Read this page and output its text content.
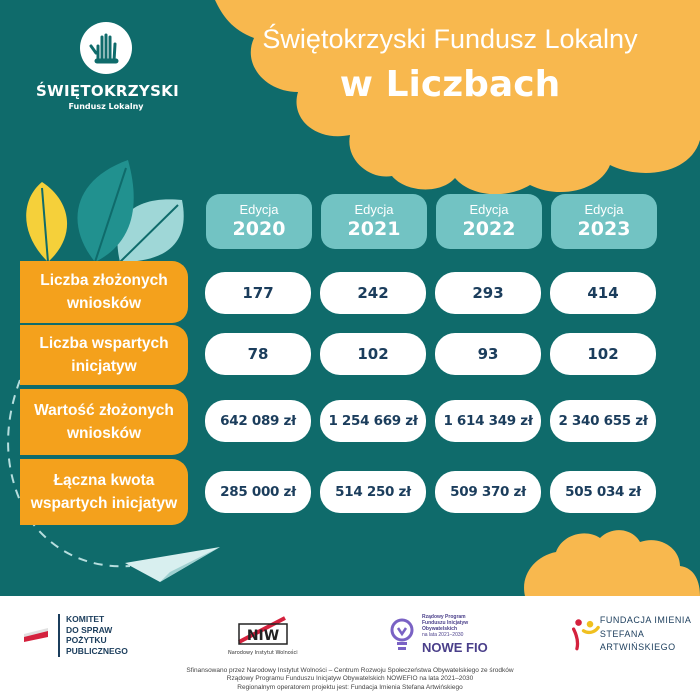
ŚWIĘTOKRZYSKI
Fundusz Lokalny
Świętokrzyski Fundusz Lokalny
w Liczbach
Edycja
2020
Edycja
2021
Edycja
2022
Edycja
2023
Liczba złożonych
wniosków
177	242	293	414
Liczba wspartych
inicjatyw
78	102	93	102
Wartość złożonych
wniosków
642 089 zł	1 254 669 zł	1 614 349 zł	2 340 655 zł
Łączna kwota
wspartych inicjatyw
285 000 zł	514 250 zł	509 370 zł	505 034 zł
KOMITET
DO SPRAW
POŻYTKU
PUBLICZNEGO
NIW
Narodowy Instytut Wolności
Rządowy Program
Funduszu Inicjatyw
Obywatelskich
na lata 2021–2030
NOWE FIO
FUNDACJA IMIENIA
STEFANA ARTWIŃSKIEGO
Sfinansowano przez Narodowy Instytut Wolności – Centrum Rozwoju Społeczeństwa Obywatelskiego ze środków
Rządowy Programu Funduszu Inicjatyw Obywatelskich NOWEFIO na lata 2021–2030
Regionalnym operatorem projektu jest: Fundacja Imienia Stefana Artwińskiego
